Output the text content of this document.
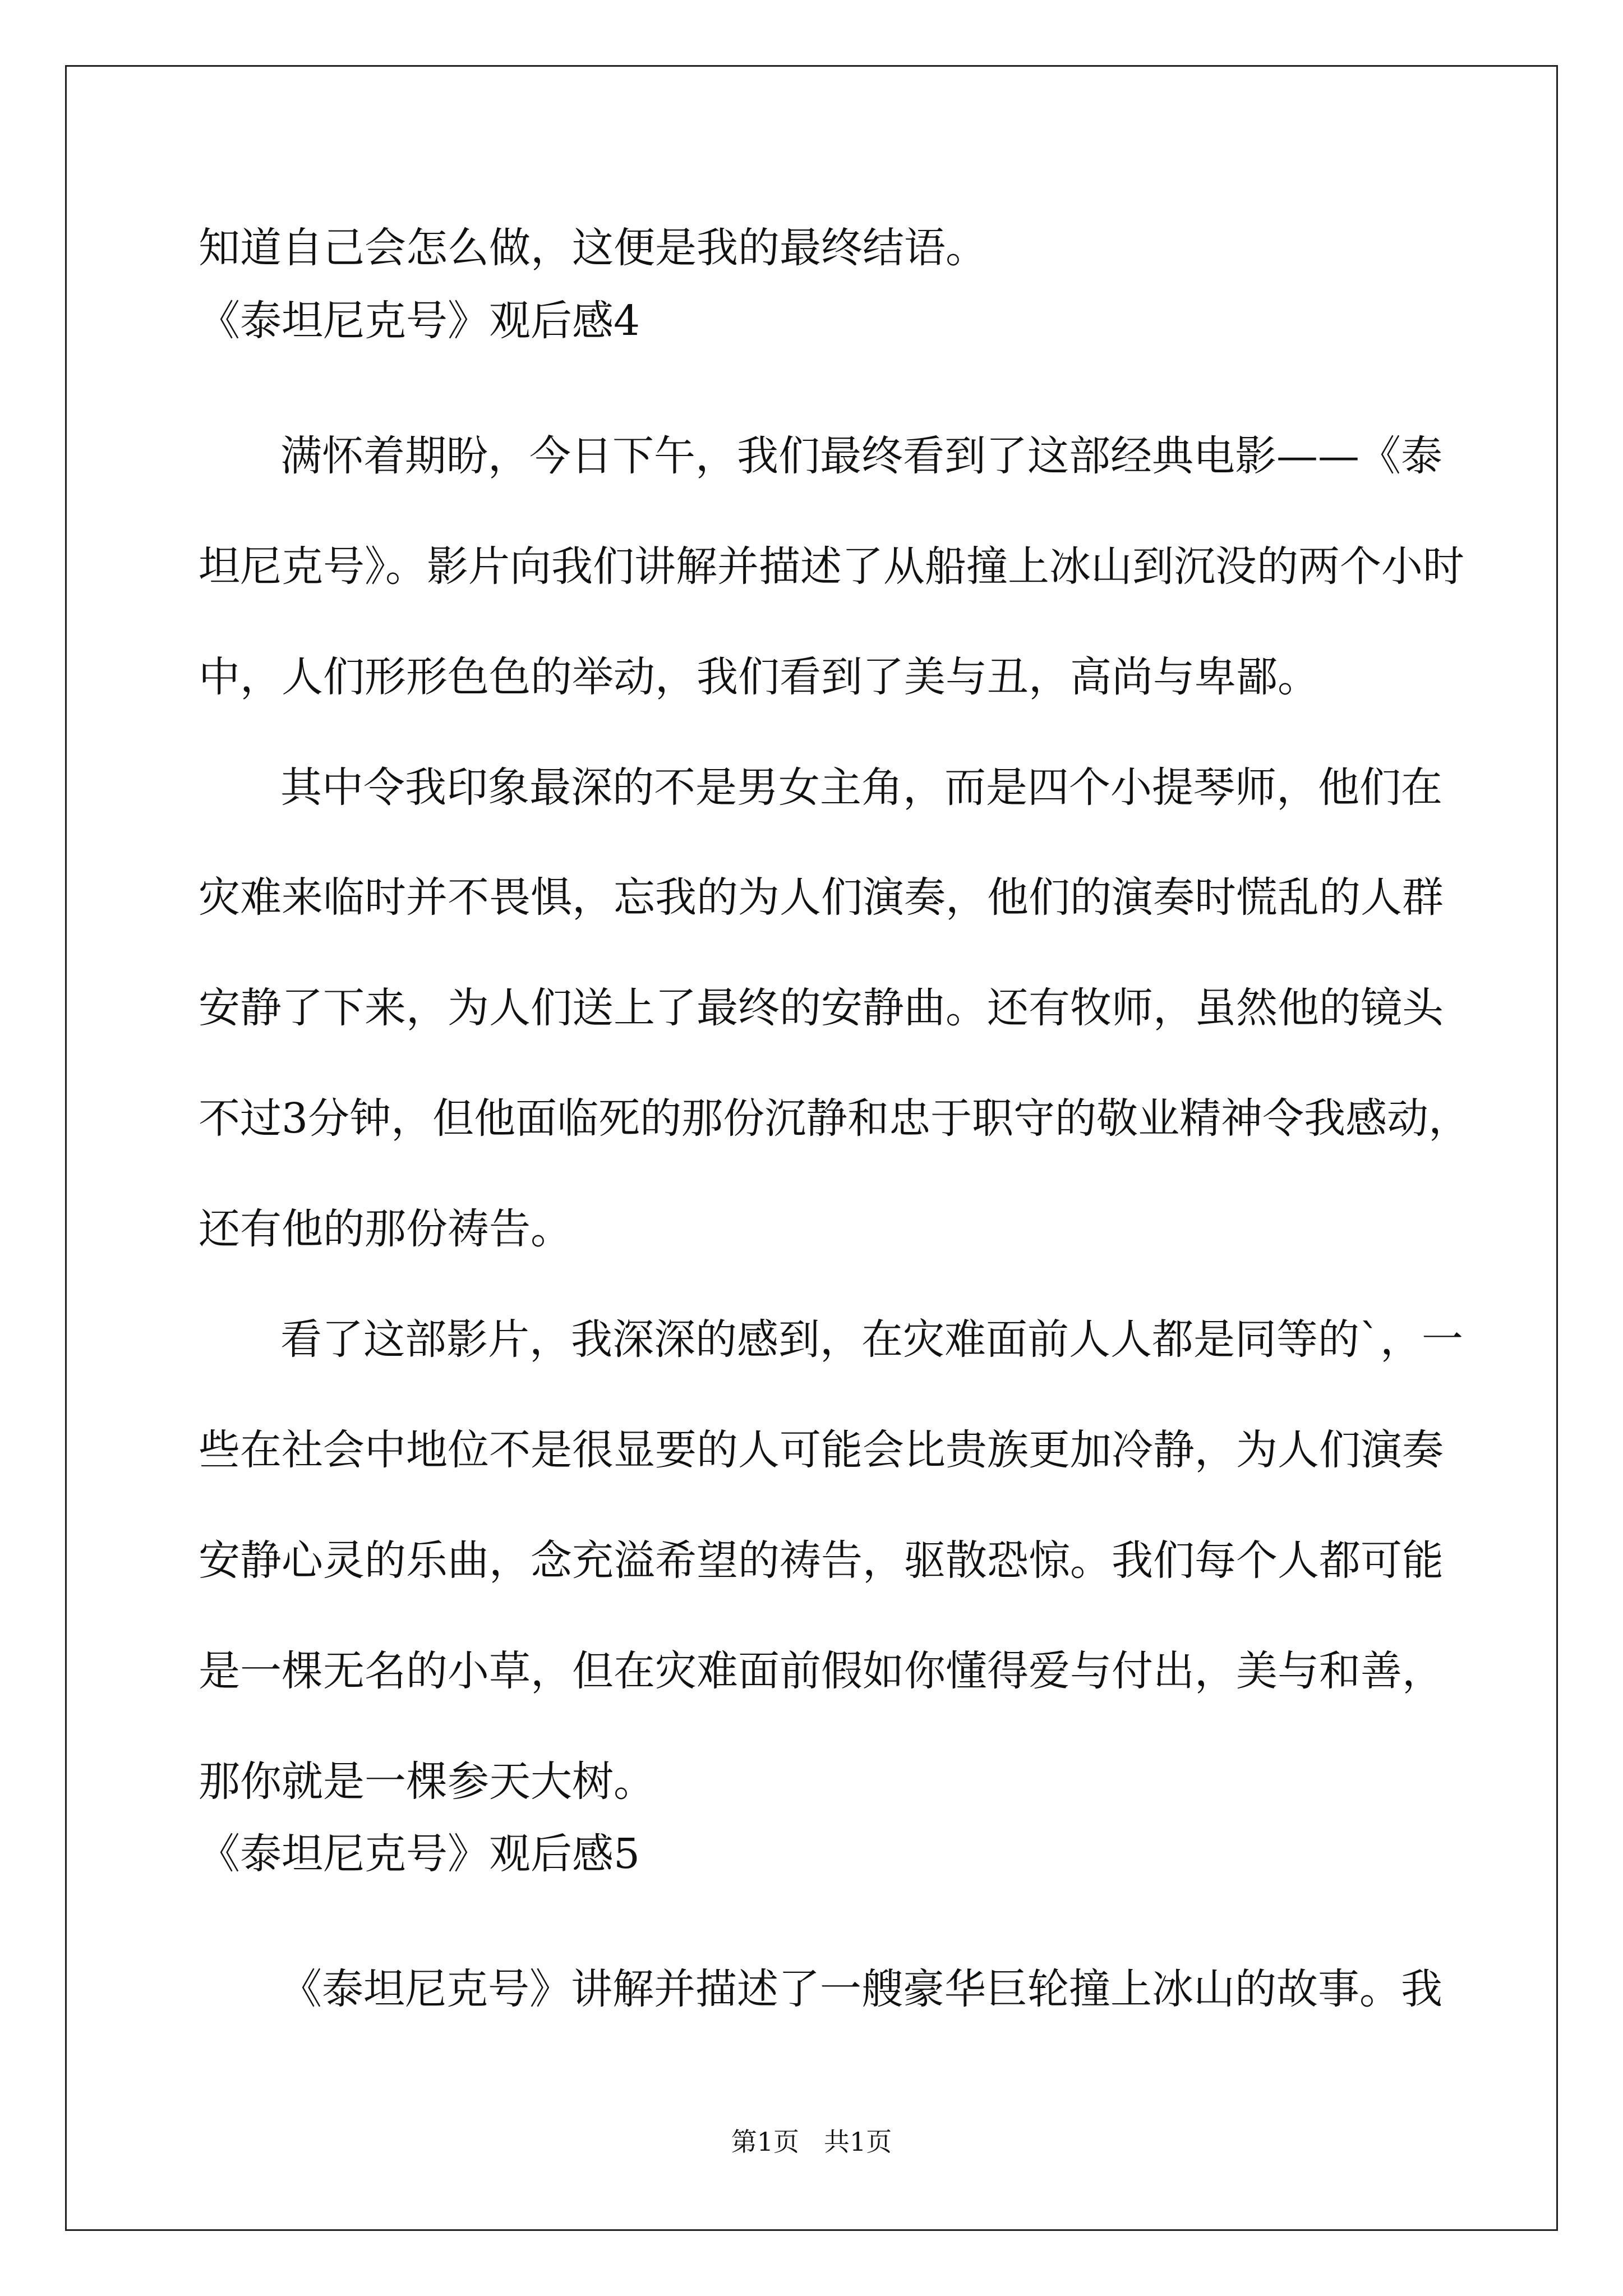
知道自己会怎么做，这便是我的最终结语。
《泰坦尼克号》观后感4
满怀着期盼，今日下午，我们最终看到了这部经典电影——《泰
坦尼克号》。影片向我们讲解并描述了从船撞上冰山到沉没的两个小时
中，人们形形色色的举动，我们看到了美与丑，高尚与卑鄙。
其中令我印象最深的不是男女主角，而是四个小提琴师，他们在
灾难来临时并不畏惧，忘我的为人们演奏，他们的演奏时慌乱的人群
安静了下来，为人们送上了最终的安静曲。还有牧师，虽然他的镜头
不过3分钟，但他面临死的那份沉静和忠于职守的敬业精神令我感动，
还有他的那份祷告。
看了这部影片，我深深的感到，在灾难面前人人都是同等的`，一
些在社会中地位不是很显要的人可能会比贵族更加冷静，为人们演奏
安静心灵的乐曲，念充溢希望的祷告，驱散恐惊。我们每个人都可能
是一棵无名的小草，但在灾难面前假如你懂得爱与付出，美与和善，
那你就是一棵参天大树。
《泰坦尼克号》观后感5
《泰坦尼克号》讲解并描述了一艘豪华巨轮撞上冰山的故事。我
第1页 共1页
